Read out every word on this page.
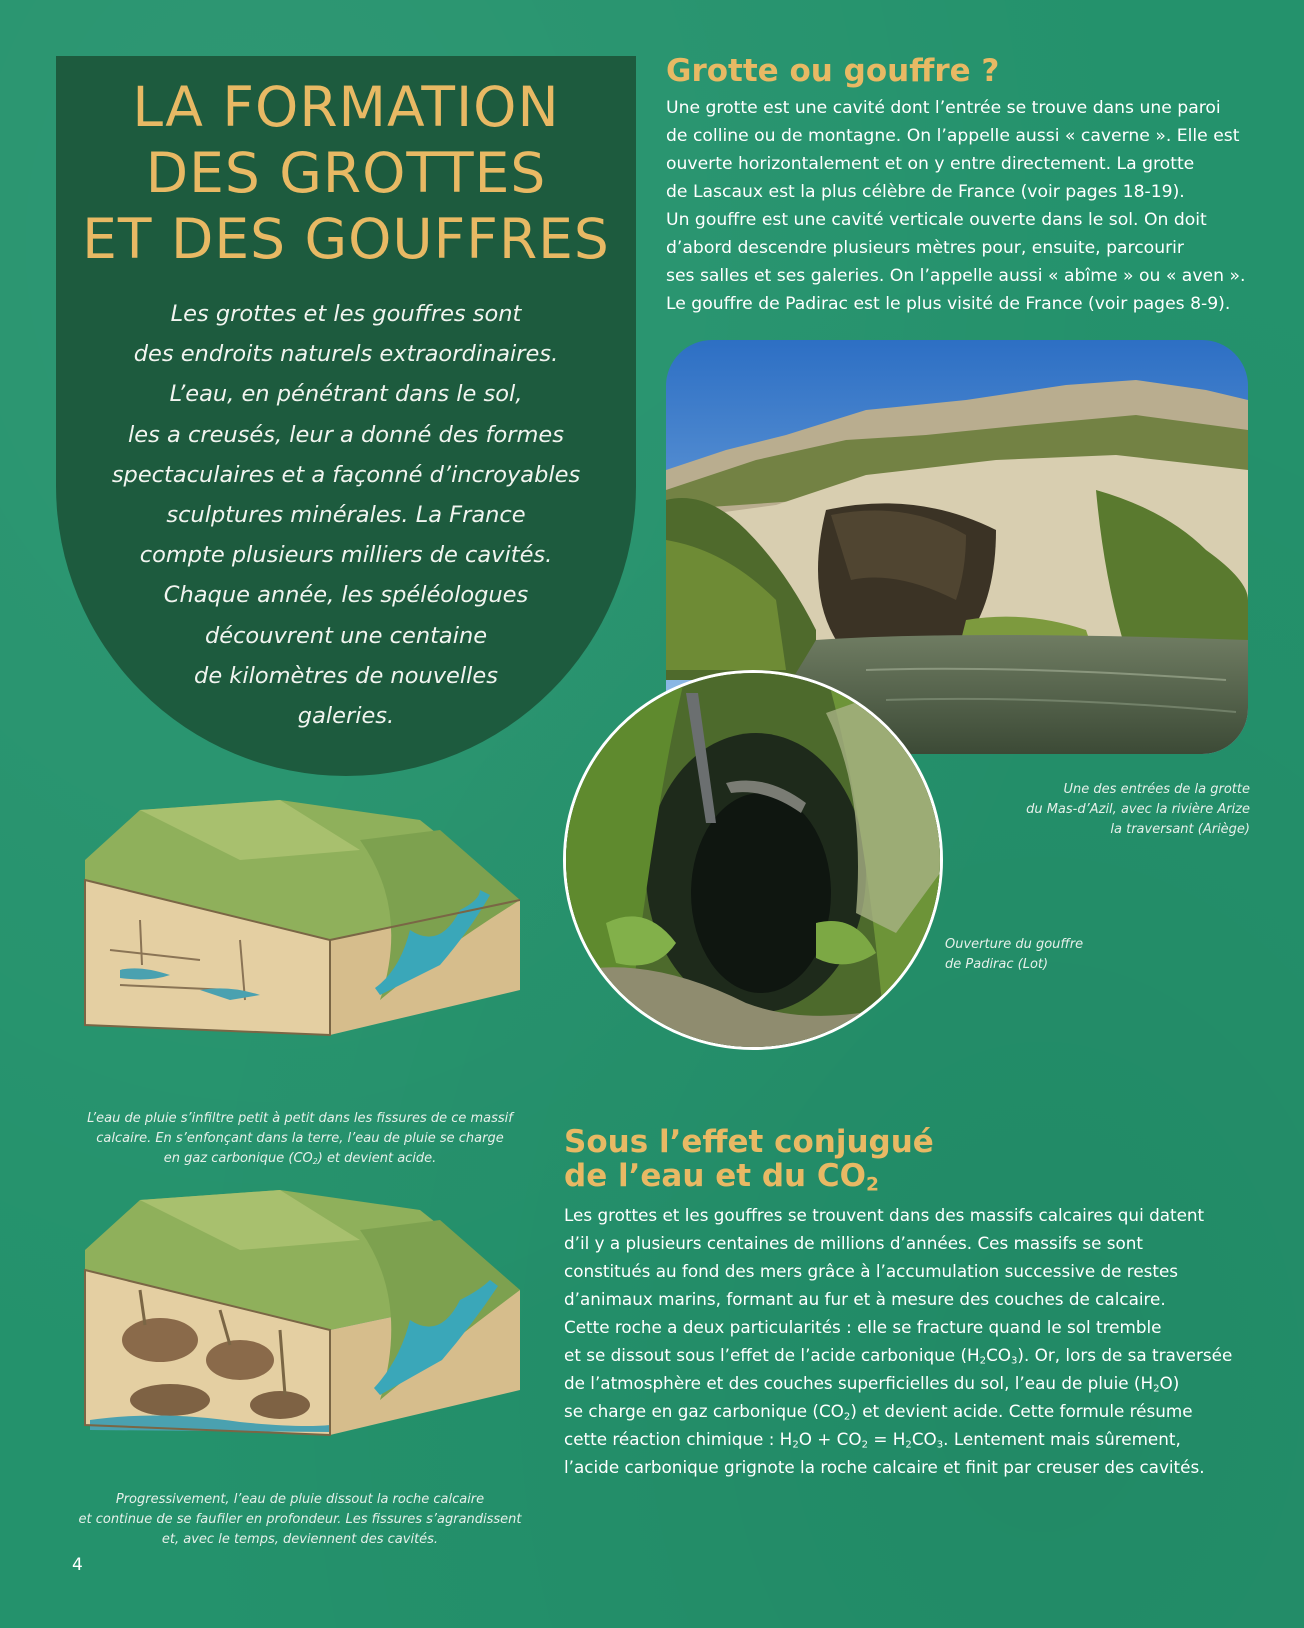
LA FORMATION
DES GROTTES
ET DES GOUFFRES

Les grottes et les gouffres sont
des endroits naturels extraordinaires.
L’eau, en pénétrant dans le sol,
les a creusés, leur a donné des formes
spectaculaires et a façonné d’incroyables
sculptures minérales. La France
compte plusieurs milliers de cavités.
Chaque année, les spéléologues
découvrent une centaine
de kilomètres de nouvelles
galeries.

Grotte ou gouffre ?

Une grotte est une cavité dont l’entrée se trouve dans une paroi
de colline ou de montagne. On l’appelle aussi « caverne ». Elle est
ouverte horizontalement et on y entre directement. La grotte
de Lascaux est la plus célèbre de France (voir pages 18-19).
Un gouffre est une cavité verticale ouverte dans le sol. On doit
d’abord descendre plusieurs mètres pour, ensuite, parcourir
ses salles et ses galeries. On l’appelle aussi « abîme » ou « aven ».
Le gouffre de Padirac est le plus visité de France (voir pages 8-9).

Une des entrées de la grotte
du Mas-d’Azil, avec la rivière Arize
la traversant (Ariège)

Ouverture du gouffre
de Padirac (Lot)

L’eau de pluie s’infiltre petit à petit dans les fissures de ce massif
calcaire. En s’enfonçant dans la terre, l’eau de pluie se charge
en gaz carbonique $(CO_2)$ et devient acide.

Progressivement, l’eau de pluie dissout la roche calcaire
et continue de se faufiler en profondeur. Les fissures s’agrandissent
et, avec le temps, deviennent des cavités.

Sous l’effet conjugué
de l’eau et du $CO_2$

Les grottes et les gouffres se trouvent dans des massifs calcaires qui datent
d’il y a plusieurs centaines de millions d’années. Ces massifs se sont
constitués au fond des mers grâce à l’accumulation successive de restes
d’animaux marins, formant au fur et à mesure des couches de calcaire.
Cette roche a deux particularités : elle se fracture quand le sol tremble
et se dissout sous l’effet de l’acide carbonique $(H_2CO_3)$. Or, lors de sa traversée
de l’atmosphère et des couches superficielles du sol, l’eau de pluie $(H_2O)$
se charge en gaz carbonique $(CO_2)$ et devient acide. Cette formule résume
cette réaction chimique : $H_2O + CO_2 = H_2CO_3$. Lentement mais sûrement,
l’acide carbonique grignote la roche calcaire et finit par creuser des cavités.

4
